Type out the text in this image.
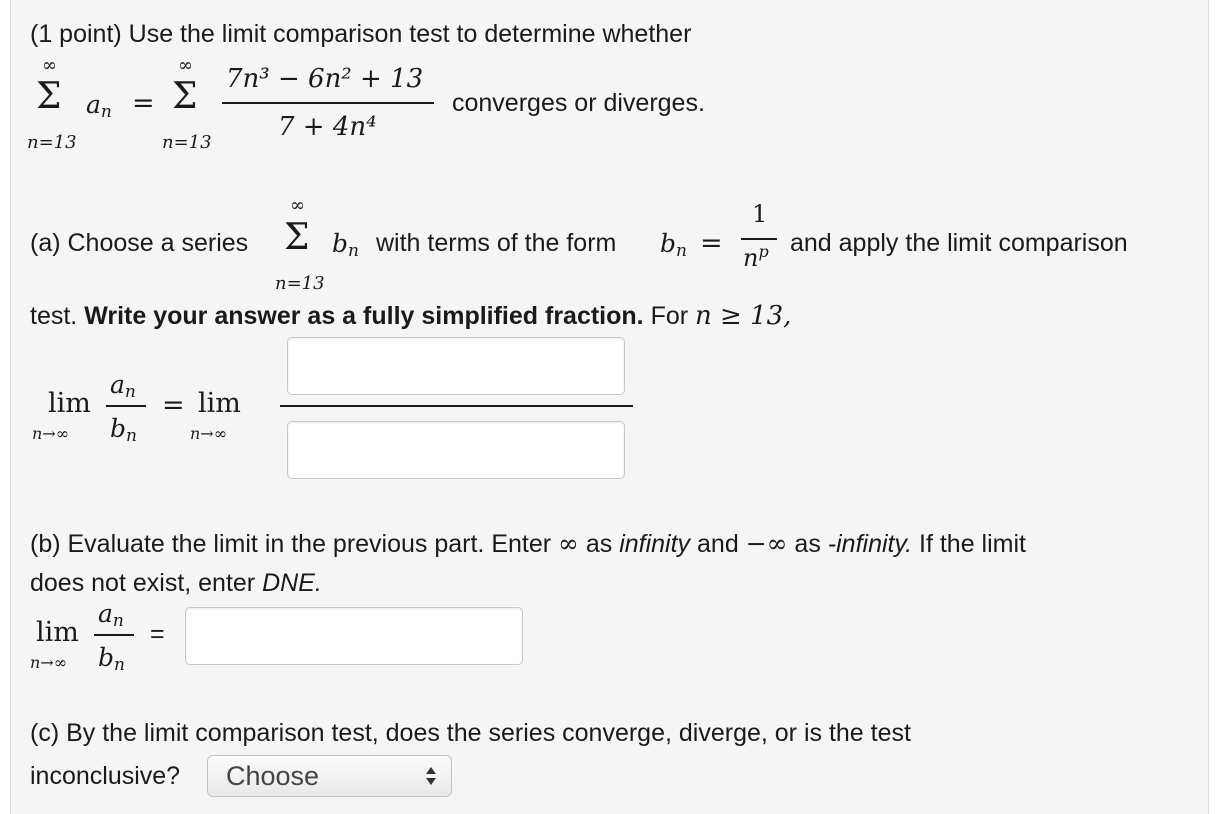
(1 point) Use the limit comparison test to determine whether
∞
Σ
n=13
an =
∞
Σ
n=13
7n³ − 6n² + 13
7 + 4n⁴
converges or diverges.
(a) Choose a series
∞
Σ
n=13
bn with terms of the form bn =
1
$n^p$ and apply the limit comparison
test. Write your answer as a fully simplified fraction. For n ≥ 13,
lim
n→∞
an
bn
= lim
n→∞
(b) Evaluate the limit in the previous part. Enter ∞ as infinity and −∞ as -infinity. If the limit
does not exist, enter DNE.
lim
n→∞
an
bn
=
(c) By the limit comparison test, does the series converge, diverge, or is the test
inconclusive?	Choose
